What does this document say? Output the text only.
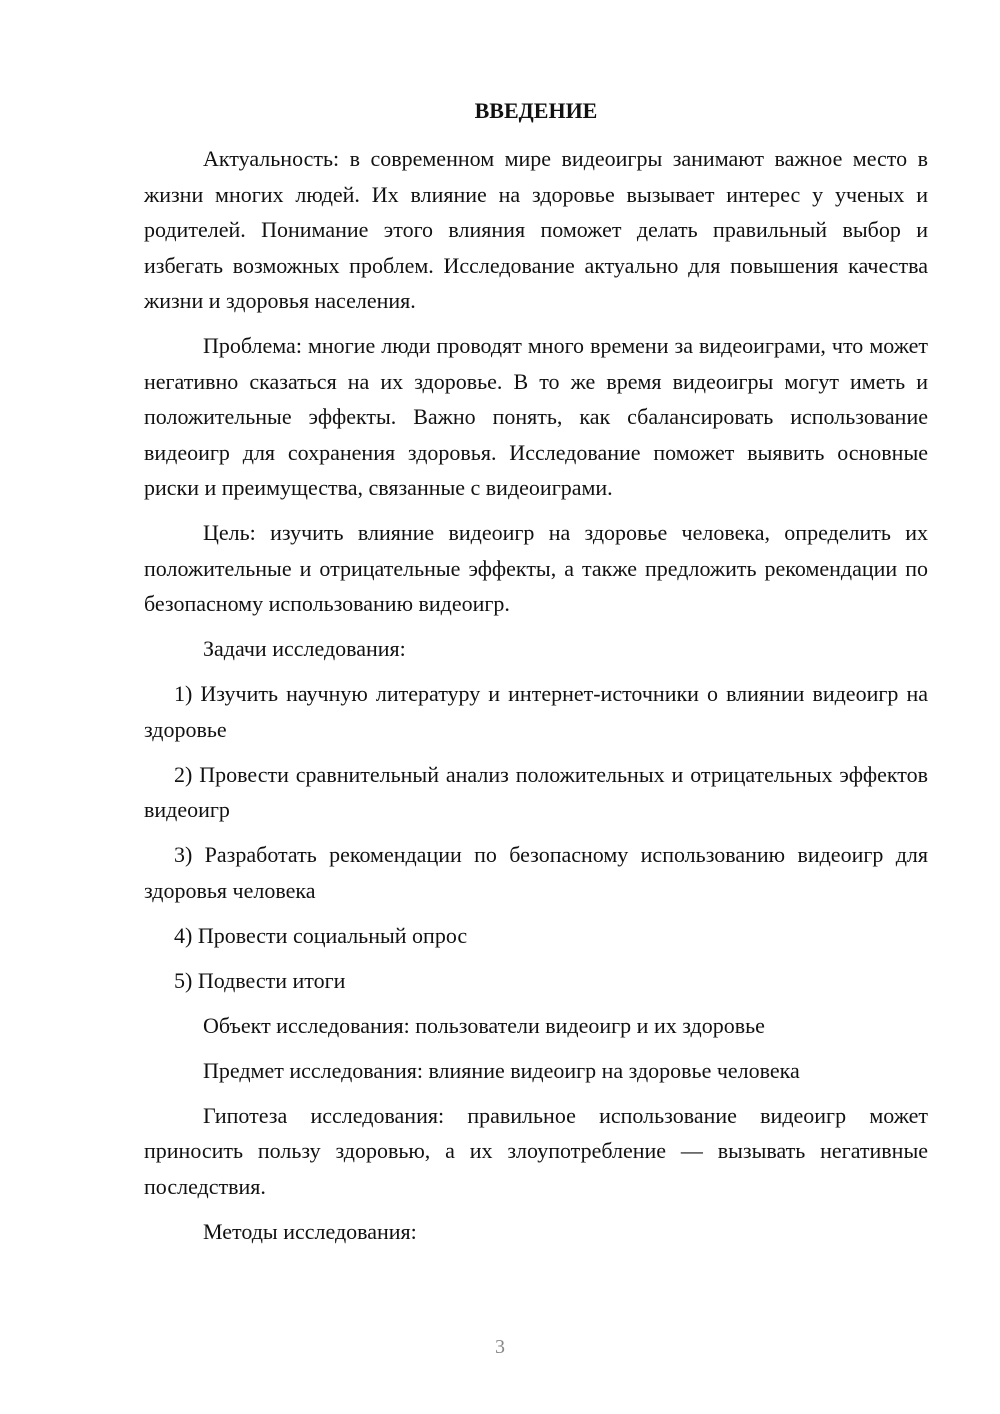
ВВЕДЕНИЕ

Актуальность: в современном мире видеоигры занимают важное место в жизни многих людей. Их влияние на здоровье вызывает интерес у ученых и родителей. Понимание этого влияния поможет делать правильный выбор и избегать возможных проблем. Исследование актуально для повышения качества жизни и здоровья населения.

Проблема: многие люди проводят много времени за видеоиграми, что может негативно сказаться на их здоровье. В то же время видеоигры могут иметь и положительные эффекты. Важно понять, как сбалансировать использование видеоигр для сохранения здоровья. Исследование поможет выявить основные риски и преимущества, связанные с видеоиграми.

Цель: изучить влияние видеоигр на здоровье человека, определить их положительные и отрицательные эффекты, а также предложить рекомендации по безопасному использованию видеоигр.

Задачи исследования:

1) Изучить научную литературу и интернет-источники о влиянии видеоигр на здоровье

2) Провести сравнительный анализ положительных и отрицательных эффектов видеоигр

3) Разработать рекомендации по безопасному использованию видеоигр для здоровья человека

4) Провести социальный опрос

5) Подвести итоги

Объект исследования: пользователи видеоигр и их здоровье

Предмет исследования: влияние видеоигр на здоровье человека

Гипотеза исследования: правильное использование видеоигр может приносить пользу здоровью, а их злоупотребление — вызывать негативные последствия.

Методы исследования:

3
